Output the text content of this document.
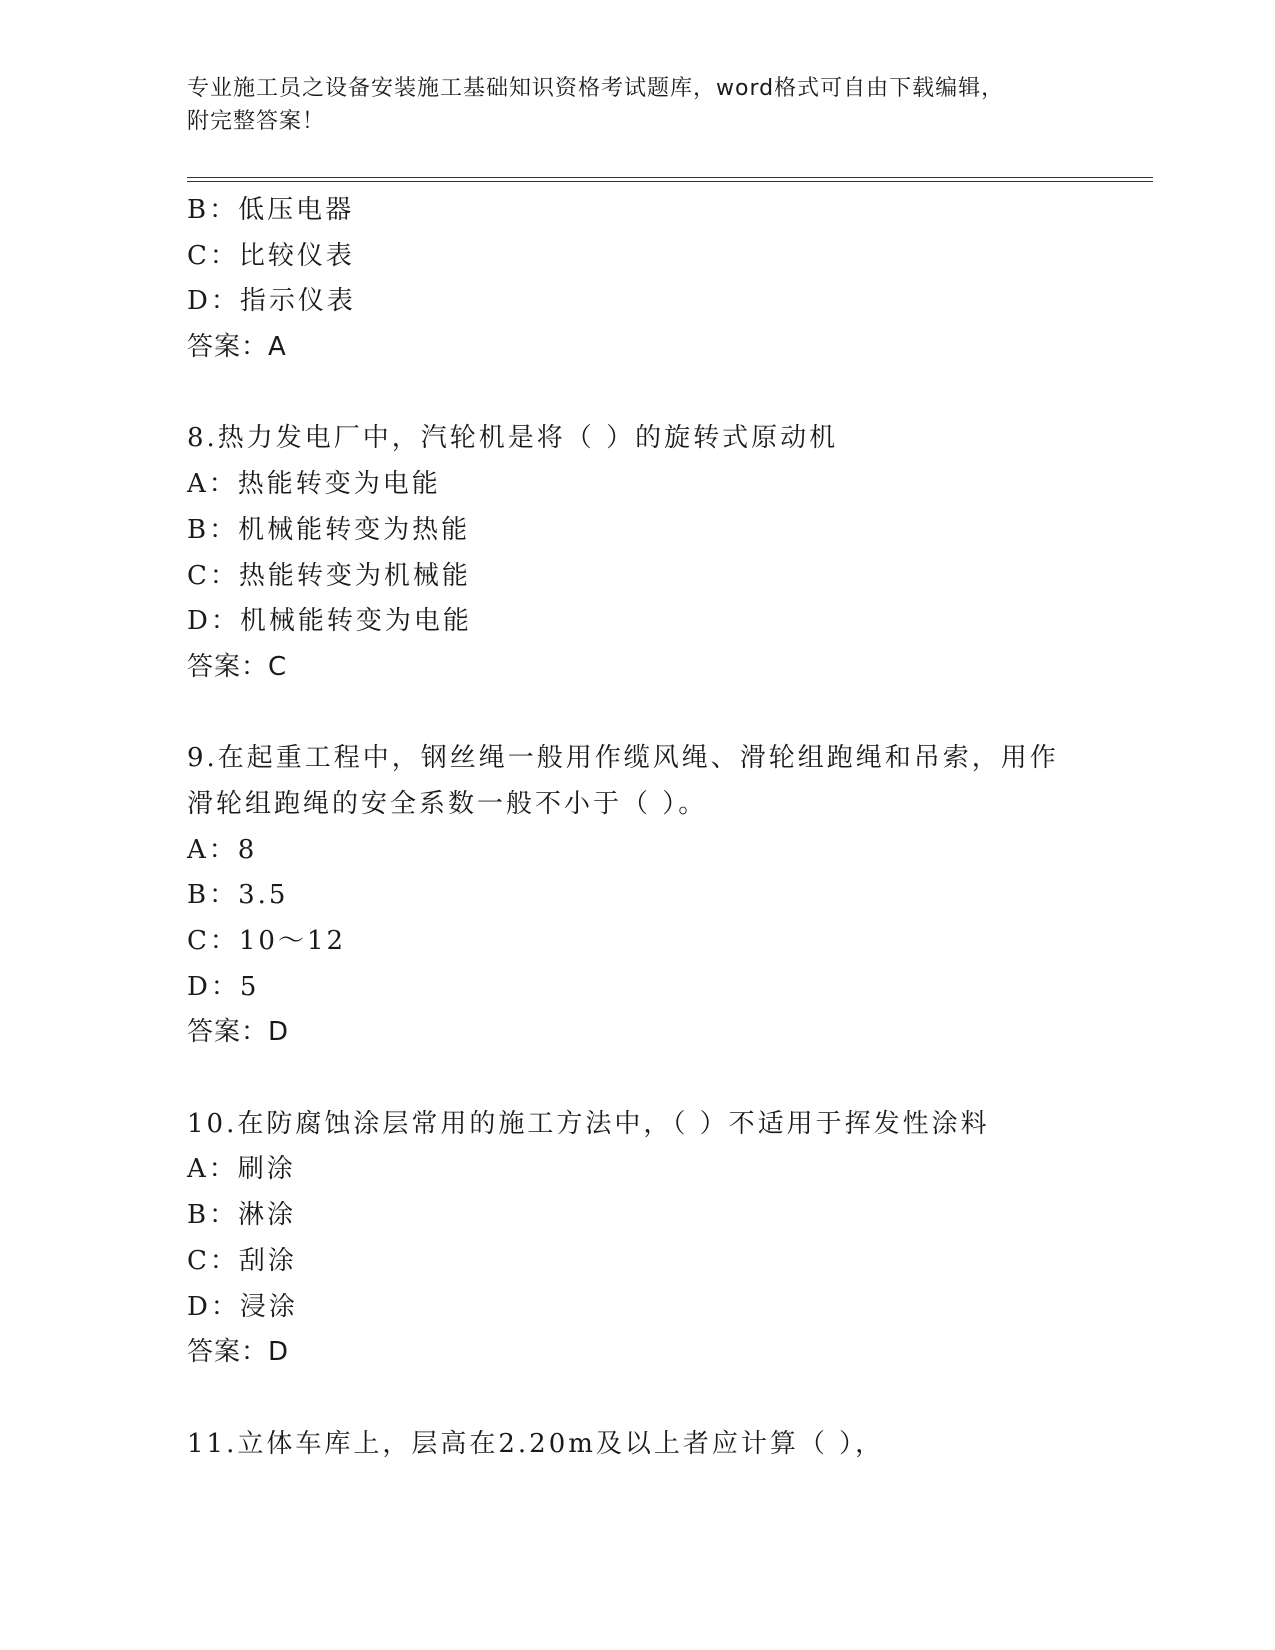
专业施工员之设备安装施工基础知识资格考试题库，word格式可自由下载编辑，
附完整答案！
B：低压电器
C：比较仪表
D：指示仪表
答案：A
8.热力发电厂中，汽轮机是将（ ）的旋转式原动机
A：热能转变为电能
B：机械能转变为热能
C：热能转变为机械能
D：机械能转变为电能
答案：C
9.在起重工程中，钢丝绳一般用作缆风绳、滑轮组跑绳和吊索，用作
滑轮组跑绳的安全系数一般不小于（ ）。
A：8
B：3.5
C：10～12
D：5
答案：D
10.在防腐蚀涂层常用的施工方法中，（ ）不适用于挥发性涂料
A：刷涂
B：淋涂
C：刮涂
D：浸涂
答案：D
11.立体车库上，层高在2.20m及以上者应计算（ ），
